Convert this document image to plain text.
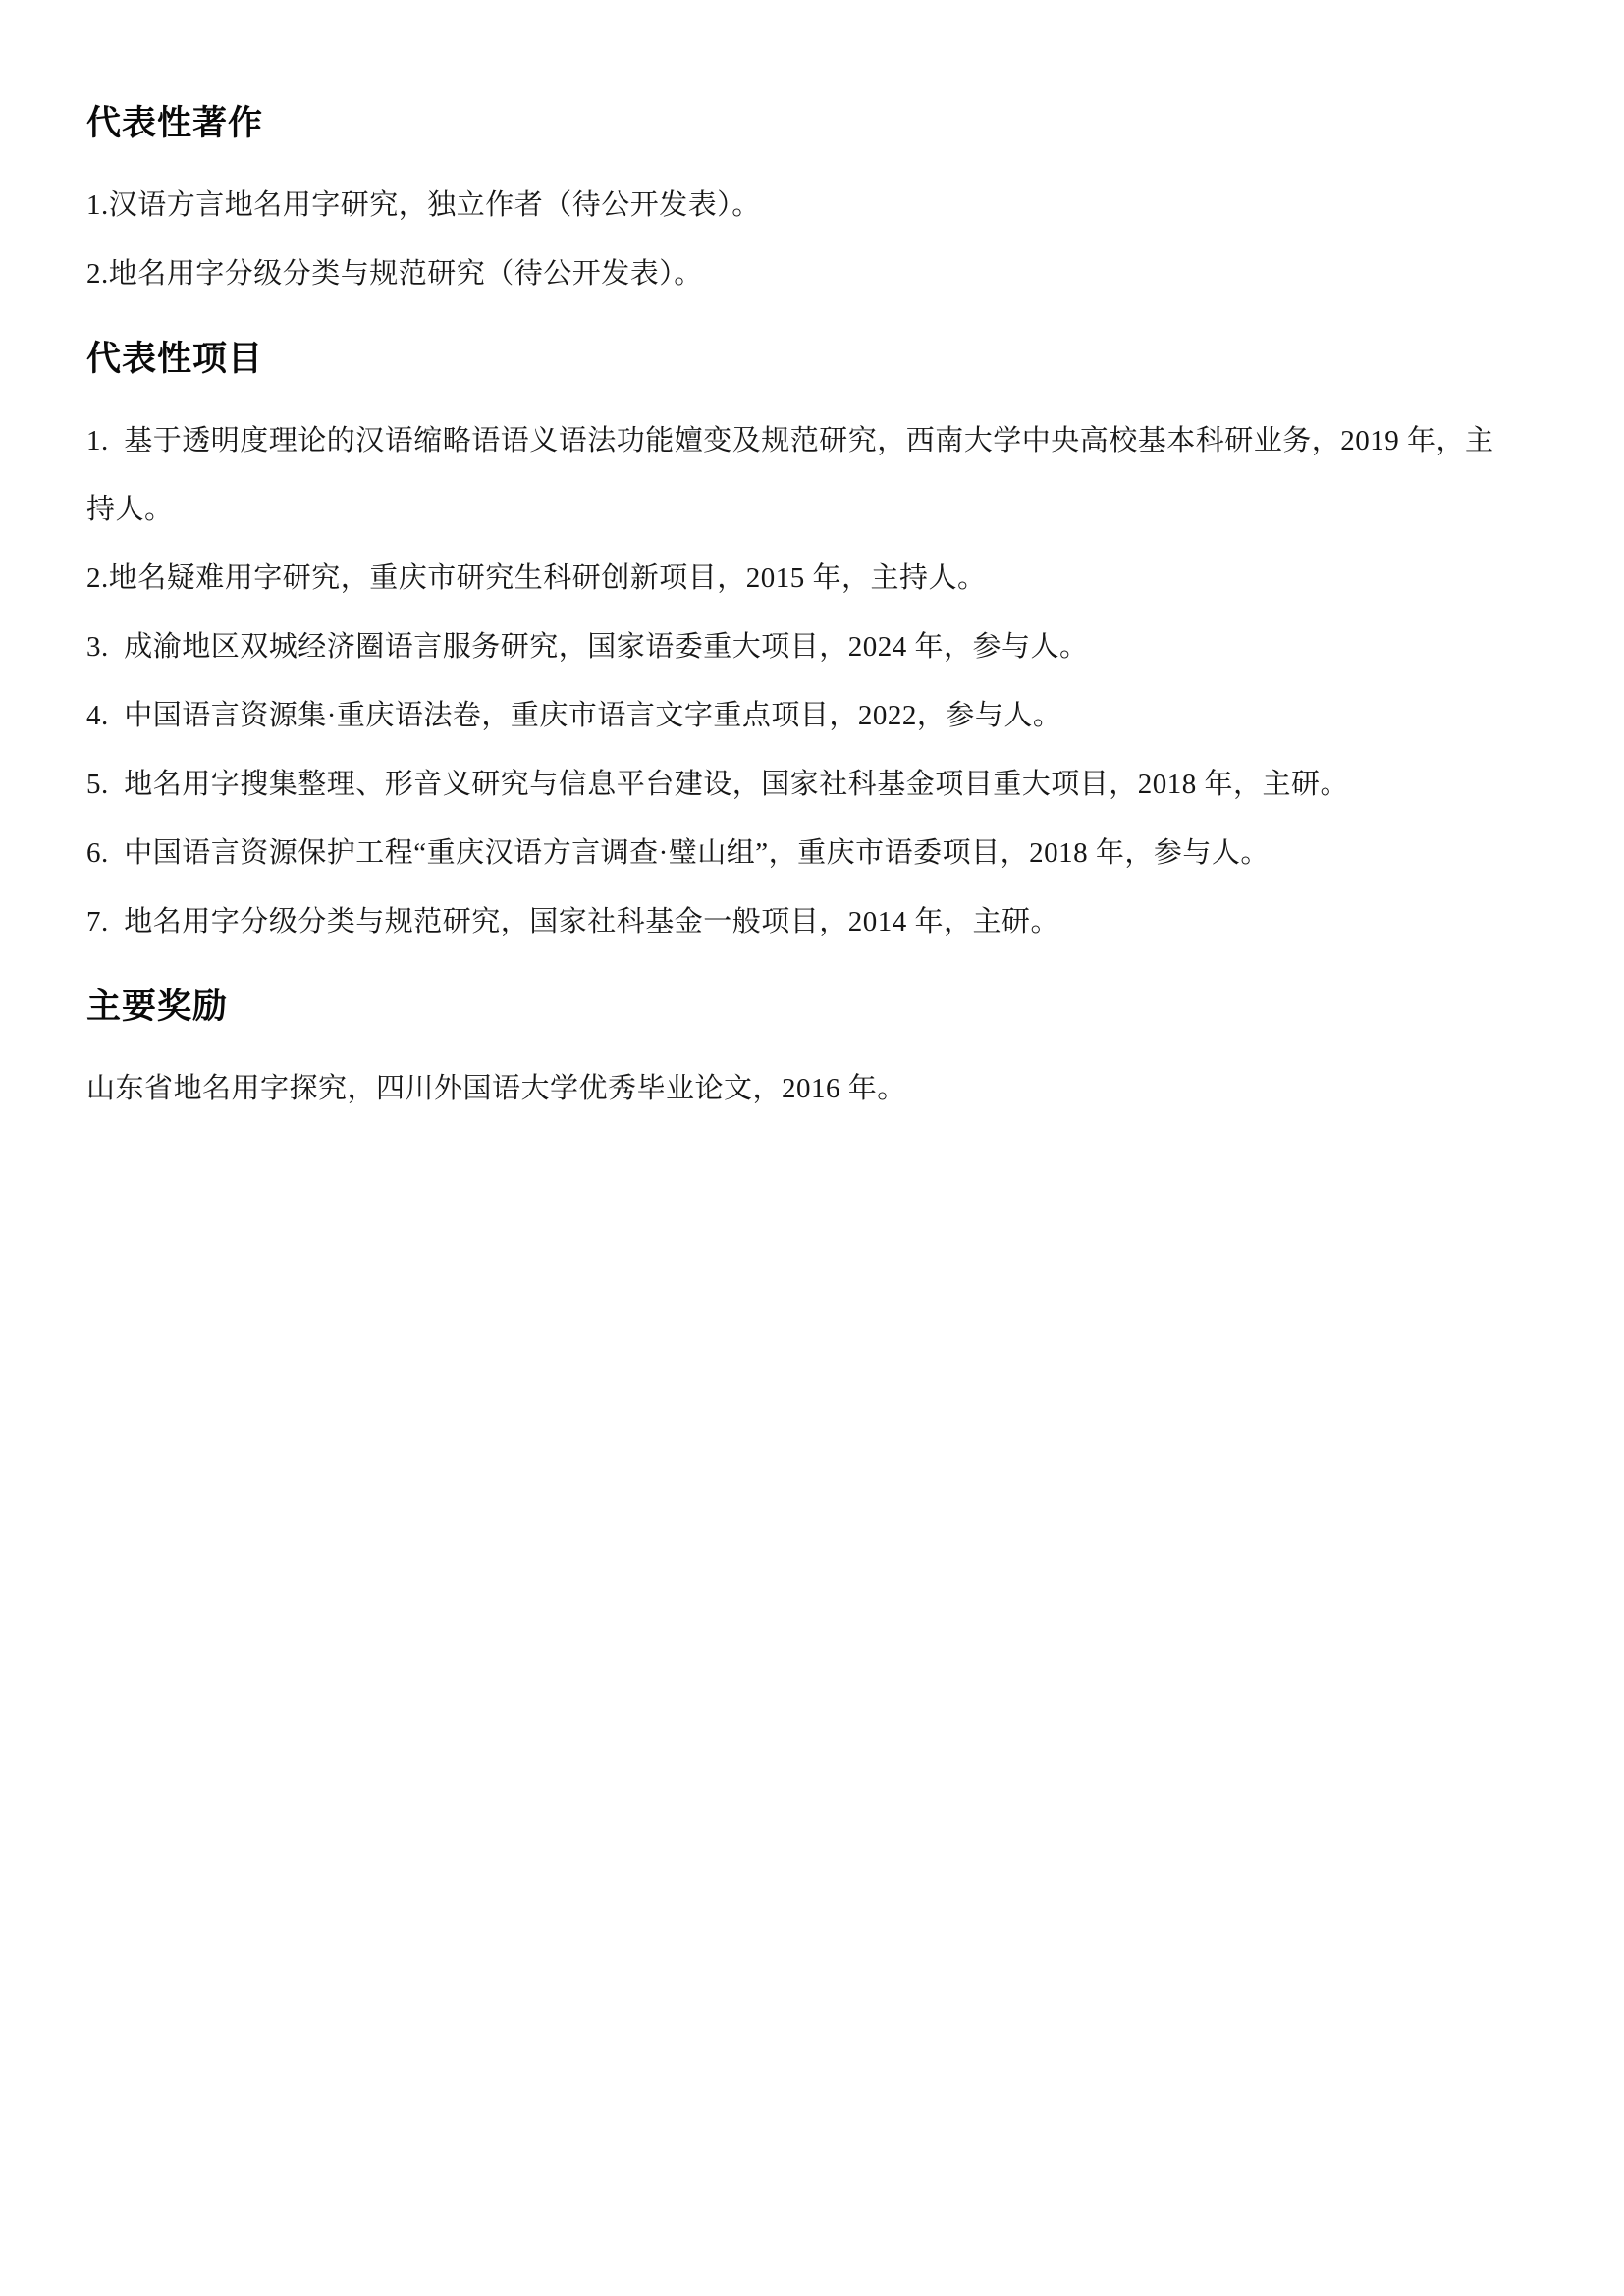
代表性著作

1.汉语方言地名用字研究，独立作者（待公开发表）。

2.地名用字分级分类与规范研究（待公开发表）。

代表性项目

1.  基于透明度理论的汉语缩略语语义语法功能嬗变及规范研究，西南大学中央高校基本科研业务，2019 年，主持人。

2.地名疑难用字研究，重庆市研究生科研创新项目，2015 年，主持人。

3.  成渝地区双城经济圈语言服务研究，国家语委重大项目，2024 年，参与人。

4.  中国语言资源集·重庆语法卷，重庆市语言文字重点项目，2022，参与人。

5.  地名用字搜集整理、形音义研究与信息平台建设，国家社科基金项目重大项目，2018 年，主研。

6.  中国语言资源保护工程“重庆汉语方言调查·璧山组”，重庆市语委项目，2018 年，参与人。

7.  地名用字分级分类与规范研究，国家社科基金一般项目，2014 年，主研。

主要奖励

山东省地名用字探究，四川外国语大学优秀毕业论文，2016 年。
